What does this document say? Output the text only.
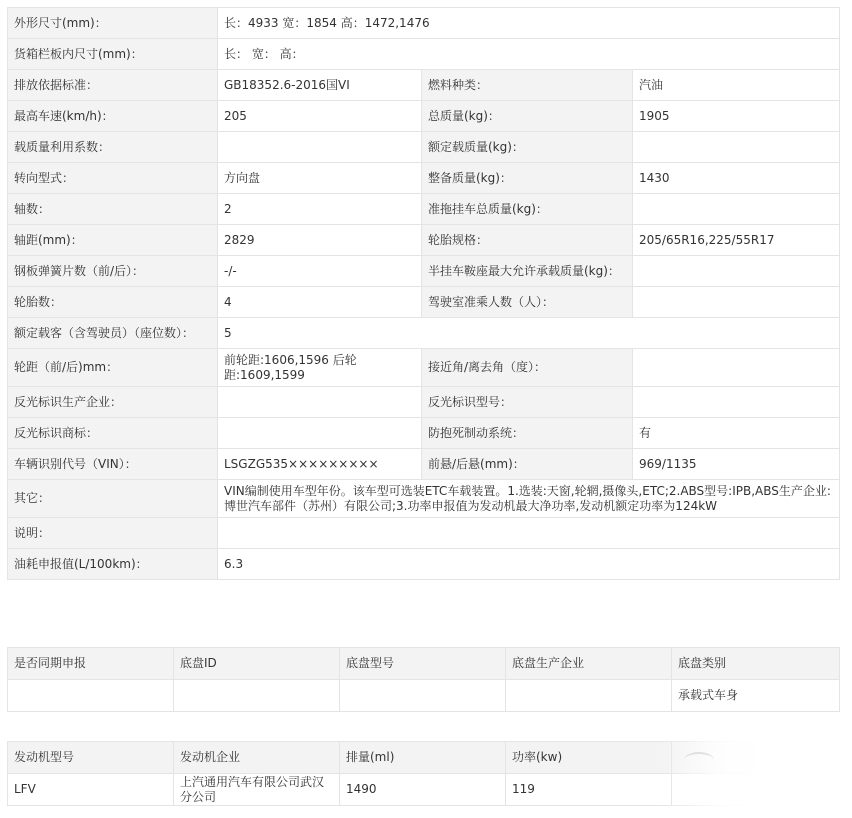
外形尺寸(mm)：	长：4933 宽：1854 高：1472,1476		
货箱栏板内尺寸(mm)：	长： 宽： 高：		
排放依据标准：	GB18352.6-2016国VI	燃料种类：	汽油
最高车速(km/h)：	205	总质量(kg)：	1905
载质量利用系数：		额定载质量(kg)：	
转向型式：	方向盘	整备质量(kg)：	1430
轴数：	2	准拖挂车总质量(kg)：	
轴距(mm)：	2829	轮胎规格：	205/65R16,225/55R17
钢板弹簧片数（前/后）：	-/-	半挂车鞍座最大允许承载质量(kg)：	
轮胎数：	4	驾驶室准乘人数（人）：	
额定载客（含驾驶员）（座位数）：	5		
轮距（前/后)mm：	前轮距:1606,1596 后轮距:1609,1599	接近角/离去角（度）：	
反光标识生产企业：		反光标识型号：	
反光标识商标：		防抱死制动系统：	有
车辆识别代号（VIN）：	LSGZG535×××××××××	前悬/后悬(mm)：	969/1135
其它：	VIN编制使用车型年份。该车型可选装ETC车载装置。1.选装:天窗,轮辋,摄像头,ETC;2.ABS型号:IPB,ABS生产企业:博世汽车部件（苏州）有限公司;3.功率申报值为发动机最大净功率,发动机额定功率为124kW		
说明：			
油耗申报值(L/100km)：	6.3		
是否同期申报	底盘ID	底盘型号	底盘生产企业	底盘类别
				承载式车身
发动机型号	发动机企业	排量(ml)	功率(kw)	
LFV	上汽通用汽车有限公司武汉分公司	1490	119	
